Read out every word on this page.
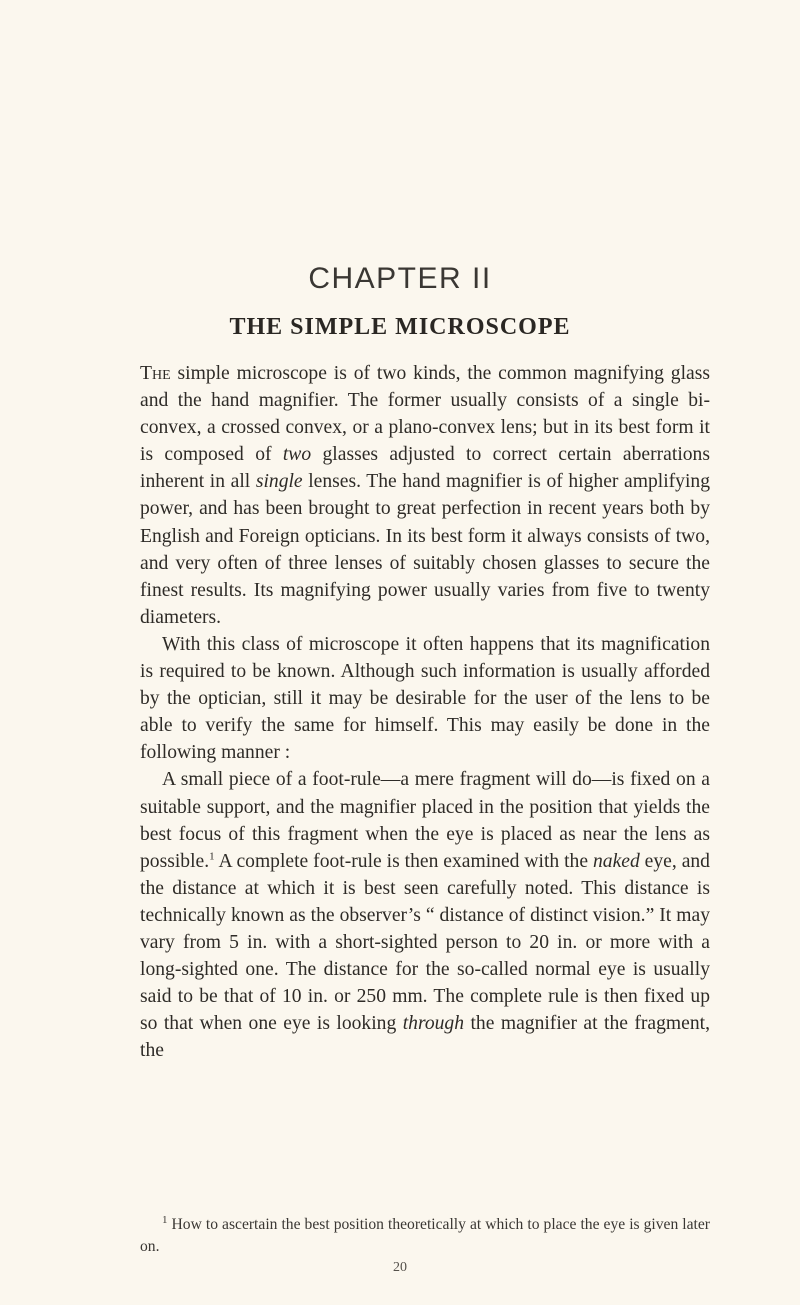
CHAPTER II
THE SIMPLE MICROSCOPE

The simple microscope is of two kinds, the common magnifying glass and the hand magnifier. The former usually consists of a single bi-convex, a crossed convex, or a plano-convex lens; but in its best form it is composed of two glasses adjusted to correct certain aberrations inherent in all single lenses. The hand magnifier is of higher amplifying power, and has been brought to great perfection in recent years both by English and Foreign opticians. In its best form it always consists of two, and very often of three lenses of suitably chosen glasses to secure the finest results. Its magnifying power usually varies from five to twenty diameters.

With this class of microscope it often happens that its magnification is required to be known. Although such information is usually afforded by the optician, still it may be desirable for the user of the lens to be able to verify the same for himself. This may easily be done in the following manner :

A small piece of a foot-rule—a mere fragment will do—is fixed on a suitable support, and the magnifier placed in the position that yields the best focus of this fragment when the eye is placed as near the lens as possible.$^1$ A complete foot-rule is then examined with the naked eye, and the distance at which it is best seen carefully noted. This distance is technically known as the observer’s “ distance of distinct vision.” It may vary from 5 in. with a short-sighted person to 20 in. or more with a long-sighted one. The distance for the so-called normal eye is usually said to be that of 10 in. or 250 mm. The complete rule is then fixed up so that when one eye is looking through the magnifier at the fragment, the

$^1$ How to ascertain the best position theoretically at which to place the eye is given later on.
20
